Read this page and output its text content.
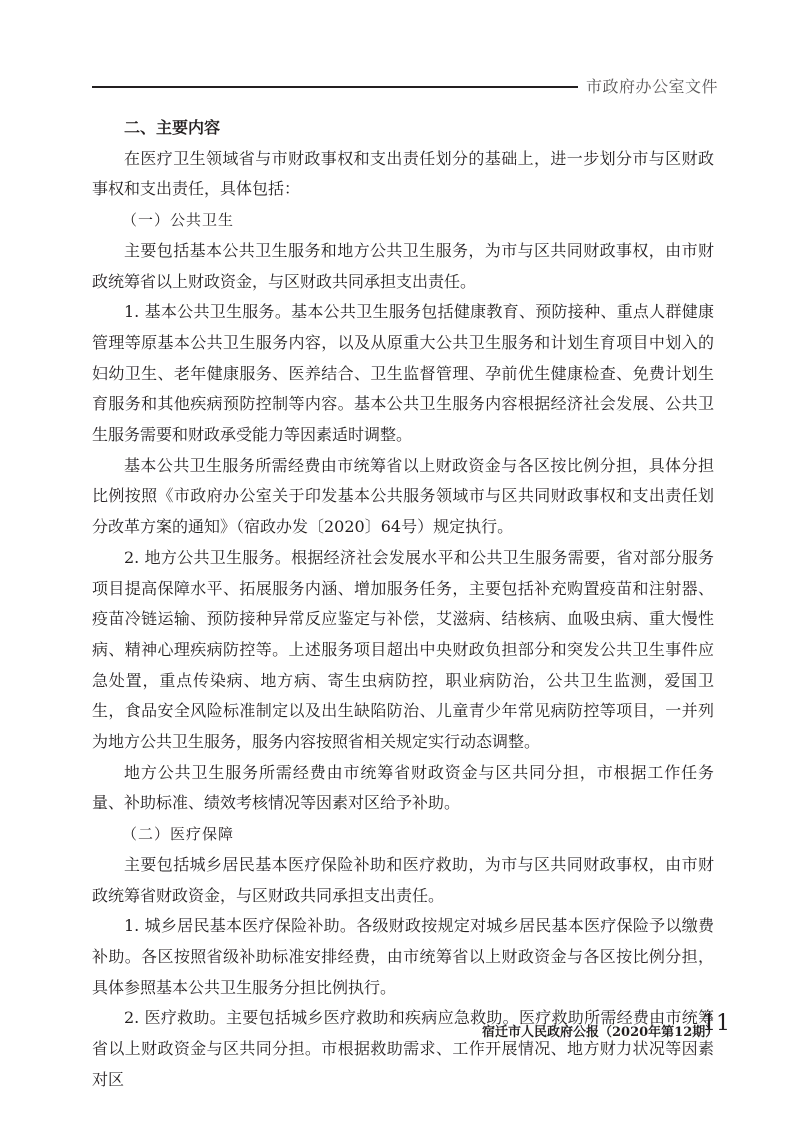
市政府办公室文件

二、主要内容

在医疗卫生领域省与市财政事权和支出责任划分的基础上，进一步划分市与区财政事权和支出责任，具体包括：

（一）公共卫生

主要包括基本公共卫生服务和地方公共卫生服务，为市与区共同财政事权，由市财政统筹省以上财政资金，与区财政共同承担支出责任。

1. 基本公共卫生服务。基本公共卫生服务包括健康教育、预防接种、重点人群健康管理等原基本公共卫生服务内容，以及从原重大公共卫生服务和计划生育项目中划入的妇幼卫生、老年健康服务、医养结合、卫生监督管理、孕前优生健康检查、免费计划生育服务和其他疾病预防控制等内容。基本公共卫生服务内容根据经济社会发展、公共卫生服务需要和财政承受能力等因素适时调整。

基本公共卫生服务所需经费由市统筹省以上财政资金与各区按比例分担，具体分担比例按照《市政府办公室关于印发基本公共服务领域市与区共同财政事权和支出责任划分改革方案的通知》（宿政办发〔2020〕64号）规定执行。

2. 地方公共卫生服务。根据经济社会发展水平和公共卫生服务需要，省对部分服务项目提高保障水平、拓展服务内涵、增加服务任务，主要包括补充购置疫苗和注射器、疫苗冷链运输、预防接种异常反应鉴定与补偿，艾滋病、结核病、血吸虫病、重大慢性病、精神心理疾病防控等。上述服务项目超出中央财政负担部分和突发公共卫生事件应急处置，重点传染病、地方病、寄生虫病防控，职业病防治，公共卫生监测，爱国卫生，食品安全风险标准制定以及出生缺陷防治、儿童青少年常见病防控等项目，一并列为地方公共卫生服务，服务内容按照省相关规定实行动态调整。

地方公共卫生服务所需经费由市统筹省财政资金与区共同分担，市根据工作任务量、补助标准、绩效考核情况等因素对区给予补助。

（二）医疗保障

主要包括城乡居民基本医疗保险补助和医疗救助，为市与区共同财政事权，由市财政统筹省财政资金，与区财政共同承担支出责任。

1. 城乡居民基本医疗保险补助。各级财政按规定对城乡居民基本医疗保险予以缴费补助。各区按照省级补助标准安排经费，由市统筹省以上财政资金与各区按比例分担，具体参照基本公共卫生服务分担比例执行。

2. 医疗救助。主要包括城乡医疗救助和疾病应急救助。医疗救助所需经费由市统筹省以上财政资金与区共同分担。市根据救助需求、工作开展情况、地方财力状况等因素对区

宿迁市人民政府公报（2020年第12期）
11
